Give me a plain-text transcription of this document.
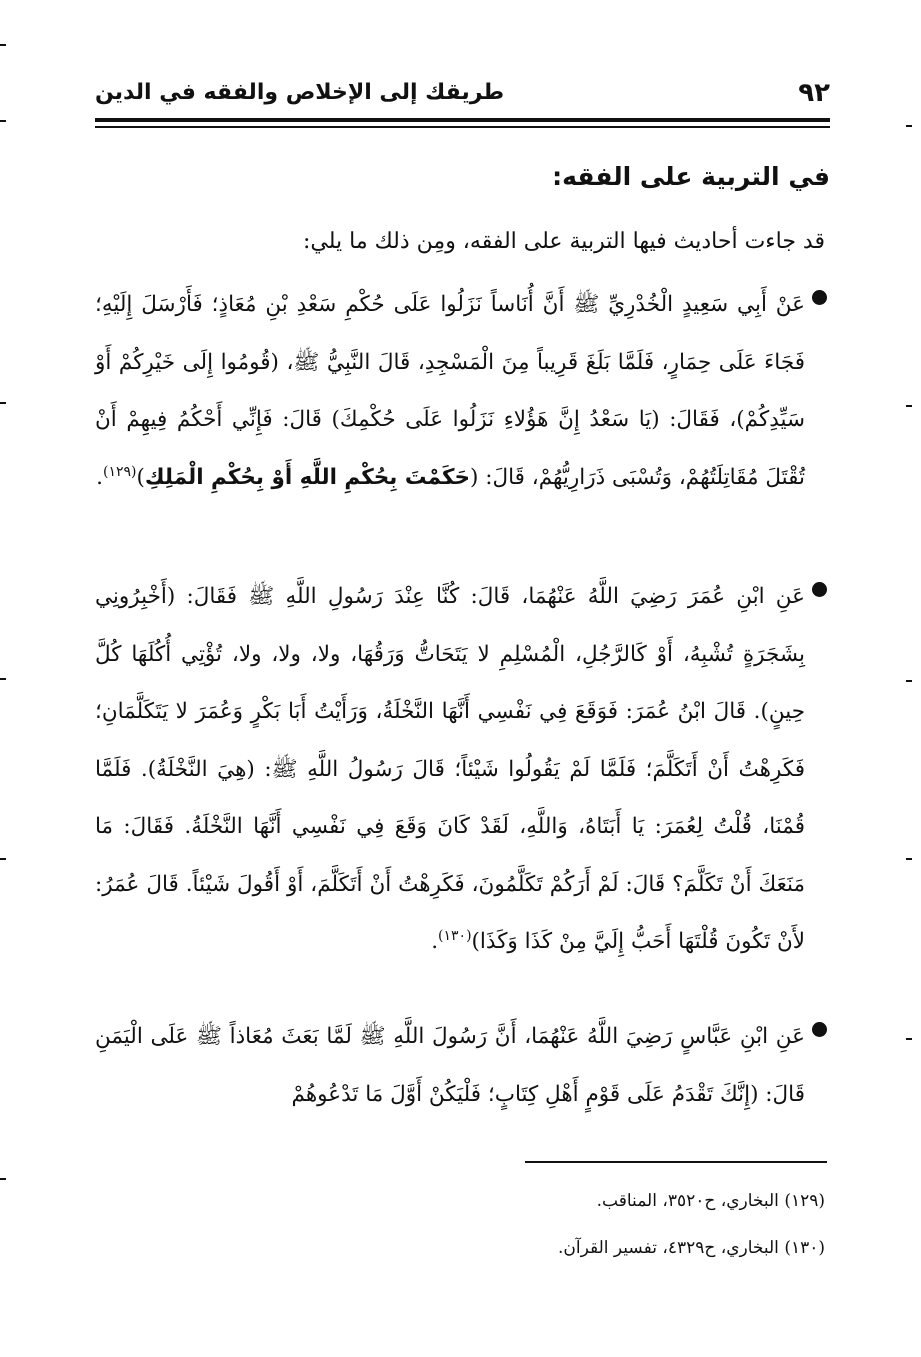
٩٢
طريقك إلى الإخلاص والفقه في الدين
في التربية على الفقه:
قد جاءت أحاديث فيها التربية على الفقه، ومِن ذلك ما يلي:
عَنْ أَبِي سَعِيدٍ الْخُدْرِيِّ ﷺ أَنَّ أُنَاساً نَزَلُوا عَلَى حُكْمِ سَعْدِ بْنِ مُعَاذٍ؛ فَأَرْسَلَ إِلَيْهِ؛ فَجَاءَ عَلَى حِمَارٍ، فَلَمَّا بَلَغَ قَرِيباً مِنَ الْمَسْجِدِ، قَالَ النَّبِيُّ ﷺ، (قُومُوا إِلَى خَيْرِكُمْ أَوْ سَيِّدِكُمْ)، فَقَالَ: (يَا سَعْدُ إِنَّ هَؤُلاءِ نَزَلُوا عَلَى حُكْمِكَ) قَالَ: فَإِنِّي أَحْكُمُ فِيهِمْ أَنْ تُقْتَلَ مُقَاتِلَتُهُمْ، وَتُسْبَى ذَرَارِيُّهُمْ، قَالَ: (حَكَمْتَ بِحُكْمِ اللَّهِ أَوْ بِحُكْمِ الْمَلِكِ)$^{(١٢٩)}$.
عَنِ ابْنِ عُمَرَ رَضِيَ اللَّهُ عَنْهُمَا، قَالَ: كُنَّا عِنْدَ رَسُولِ اللَّهِ ﷺ فَقَالَ: (أَخْبِرُونِي بِشَجَرَةٍ تُشْبِهُ، أَوْ كَالرَّجُلِ، الْمُسْلِمِ لا يَتَحَاتُّ وَرَقُهَا، ولا، ولا، ولا، تُؤْتِي أُكُلَهَا كُلَّ حِينٍ). قَالَ ابْنُ عُمَرَ: فَوَقَعَ فِي نَفْسِي أَنَّهَا النَّخْلَةُ، وَرَأَيْتُ أَبَا بَكْرٍ وَعُمَرَ لا يَتَكَلَّمَانِ؛ فَكَرِهْتُ أَنْ أَتَكَلَّمَ؛ فَلَمَّا لَمْ يَقُولُوا شَيْئاً؛ قَالَ رَسُولُ اللَّهِ ﷺ: (هِيَ النَّخْلَةُ). فَلَمَّا قُمْنَا، قُلْتُ لِعُمَرَ: يَا أَبَتَاهُ، وَاللَّهِ، لَقَدْ كَانَ وَقَعَ فِي نَفْسِي أَنَّهَا النَّخْلَةُ. فَقَالَ: مَا مَنَعَكَ أَنْ تَكَلَّمَ؟ قَالَ: لَمْ أَرَكُمْ تَكَلَّمُونَ، فَكَرِهْتُ أَنْ أَتَكَلَّمَ، أَوْ أَقُولَ شَيْئاً. قَالَ عُمَرُ: لأَنْ تَكُونَ قُلْتَهَا أَحَبُّ إِلَيَّ مِنْ كَذَا وَكَذَا)$^{(١٣٠)}$.
عَنِ ابْنِ عَبَّاسٍ رَضِيَ اللَّهُ عَنْهُمَا، أَنَّ رَسُولَ اللَّهِ ﷺ لَمَّا بَعَثَ مُعَاذاً ﷺ عَلَى الْيَمَنِ قَالَ: (إِنَّكَ تَقْدَمُ عَلَى قَوْمٍ أَهْلِ كِتَابٍ؛ فَلْيَكُنْ أَوَّلَ مَا تَدْعُوهُمْ
(١٢٩) البخاري، ح٣٥٢٠، المناقب.
(١٣٠) البخاري، ح٤٣٢٩، تفسير القرآن.
